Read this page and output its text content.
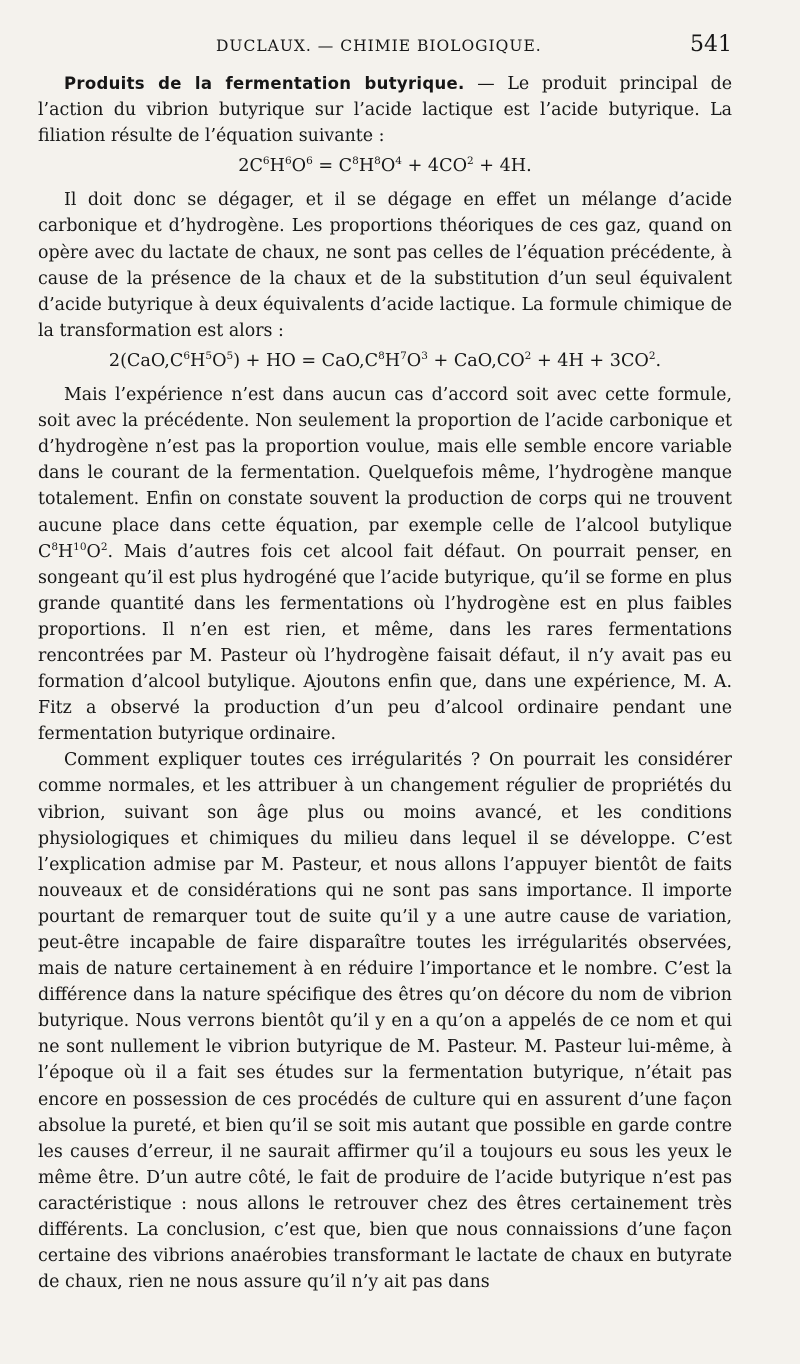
DUCLAUX. — CHIMIE BIOLOGIQUE.	541

Produits de la fermentation butyrique. — Le produit principal de l’action du vibrion butyrique sur l’acide lactique est l’acide butyrique. La filiation résulte de l’équation suivante :

$2C^6H^6O^6 = C^8H^8O^4 + 4CO^2 + 4H$.

Il doit donc se dégager, et il se dégage en effet un mélange d’acide carbonique et d’hydrogène. Les proportions théoriques de ces gaz, quand on opère avec du lactate de chaux, ne sont pas celles de l’équation précédente, à cause de la présence de la chaux et de la substitution d’un seul équivalent d’acide butyrique à deux équivalents d’acide lactique. La formule chimique de la transformation est alors :

$2(CaO,C^6H^5O^5)$ + HO = $CaO,C^8H^7O^3 + CaO,CO^2 + 4H + 3CO^2$.

Mais l’expérience n’est dans aucun cas d’accord soit avec cette formule, soit avec la précédente. Non seulement la proportion de l’acide carbonique et d’hydrogène n’est pas la proportion voulue, mais elle semble encore variable dans le courant de la fermentation. Quelquefois même, l’hydrogène manque totalement. Enfin on constate souvent la production de corps qui ne trouvent aucune place dans cette équation, par exemple celle de l’alcool butylique $C^8H^{10}O^2$. Mais d’autres fois cet alcool fait défaut. On pourrait penser, en songeant qu’il est plus hydrogéné que l’acide butyrique, qu’il se forme en plus grande quantité dans les fermentations où l’hydrogène est en plus faibles proportions. Il n’en est rien, et même, dans les rares fermentations rencontrées par M. Pasteur où l’hydrogène faisait défaut, il n’y avait pas eu formation d’alcool butylique. Ajoutons enfin que, dans une expérience, M. A. Fitz a observé la production d’un peu d’alcool ordinaire pendant une fermentation butyrique ordinaire.

Comment expliquer toutes ces irrégularités ? On pourrait les considérer comme normales, et les attribuer à un changement régulier de propriétés du vibrion, suivant son âge plus ou moins avancé, et les conditions physiologiques et chimiques du milieu dans lequel il se développe. C’est l’explication admise par M. Pasteur, et nous allons l’appuyer bientôt de faits nouveaux et de considérations qui ne sont pas sans importance. Il importe pourtant de remarquer tout de suite qu’il y a une autre cause de variation, peut-être incapable de faire disparaître toutes les irrégularités observées, mais de nature certainement à en réduire l’importance et le nombre. C’est la différence dans la nature spécifique des êtres qu’on décore du nom de vibrion butyrique. Nous verrons bientôt qu’il y en a qu’on a appelés de ce nom et qui ne sont nullement le vibrion butyrique de M. Pasteur. M. Pasteur lui-même, à l’époque où il a fait ses études sur la fermentation butyrique, n’était pas encore en possession de ces procédés de culture qui en assurent d’une façon absolue la pureté, et bien qu’il se soit mis autant que possible en garde contre les causes d’erreur, il ne saurait affirmer qu’il a toujours eu sous les yeux le même être. D’un autre côté, le fait de produire de l’acide butyrique n’est pas caractéristique : nous allons le retrouver chez des êtres certainement très différents. La conclusion, c’est que, bien que nous connaissions d’une façon certaine des vibrions anaérobies transformant le lactate de chaux en butyrate de chaux, rien ne nous assure qu’il n’y ait pas dans
